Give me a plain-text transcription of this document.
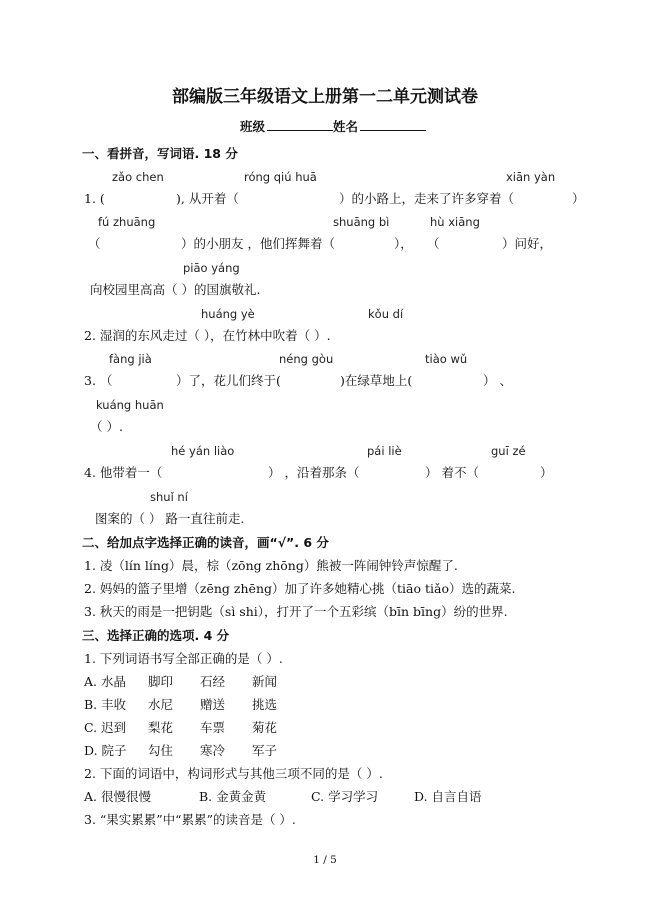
部编版三年级语文上册第一二单元测试卷
班级	姓名
一、看拼音，写词语. 18 分
zǎo chen	róng qiú huā	xiān yàn
1. (	), 从开着（	）的小路上，走来了许多穿着（	）
fú zhuāng	shuāng bì	hù xiāng
（	）的小朋友 ，他们挥舞着（	）， （	）问好，
piāo yáng
向校园里高高（ ）的国旗敬礼.
huáng yè	kǒu dí
2. 湿润的东风走过（ ），在竹林中吹着（ ）.
fàng jià	néng gòu	tiào wǔ
3. （	）了，花儿们终于(	)在绿草地上(	） 、
kuáng huān
（ ）.
hé yán liào	pái liè	guī zé
4. 他带着一（	） ，沿着那条（	） 着不（	）
shuǐ ní
图案的（ ） 路一直往前走.
二、给加点字选择正确的读音，画“√”. 6 分
1. 凌（lín líng）晨，棕（zōng zhōng）熊被一阵闹钟铃声惊醒了.
2. 妈妈的篮子里增（zēng zhēng）加了许多她精心挑（tiāo tiǎo）选的蔬菜.
3. 秋天的雨是一把钥匙（sì shi），打开了一个五彩缤（bīn bīng）纷的世界.
三、选择正确的选项. 4 分
1. 下列词语书写全部正确的是（ ）.
A. 水晶 脚印 石经 新闻
B. 丰收 水尼 赠送 挑选
C. 迟到 梨花 车票 菊花
D. 院子 勾住 寒冷 军子
2. 下面的词语中，构词形式与其他三项不同的是（ ）.
A. 很慢很慢	B. 金黄金黄	C. 学习学习	D. 自言自语
3. “果实累累”中“累累”的读音是（ ）.
1 / 5
